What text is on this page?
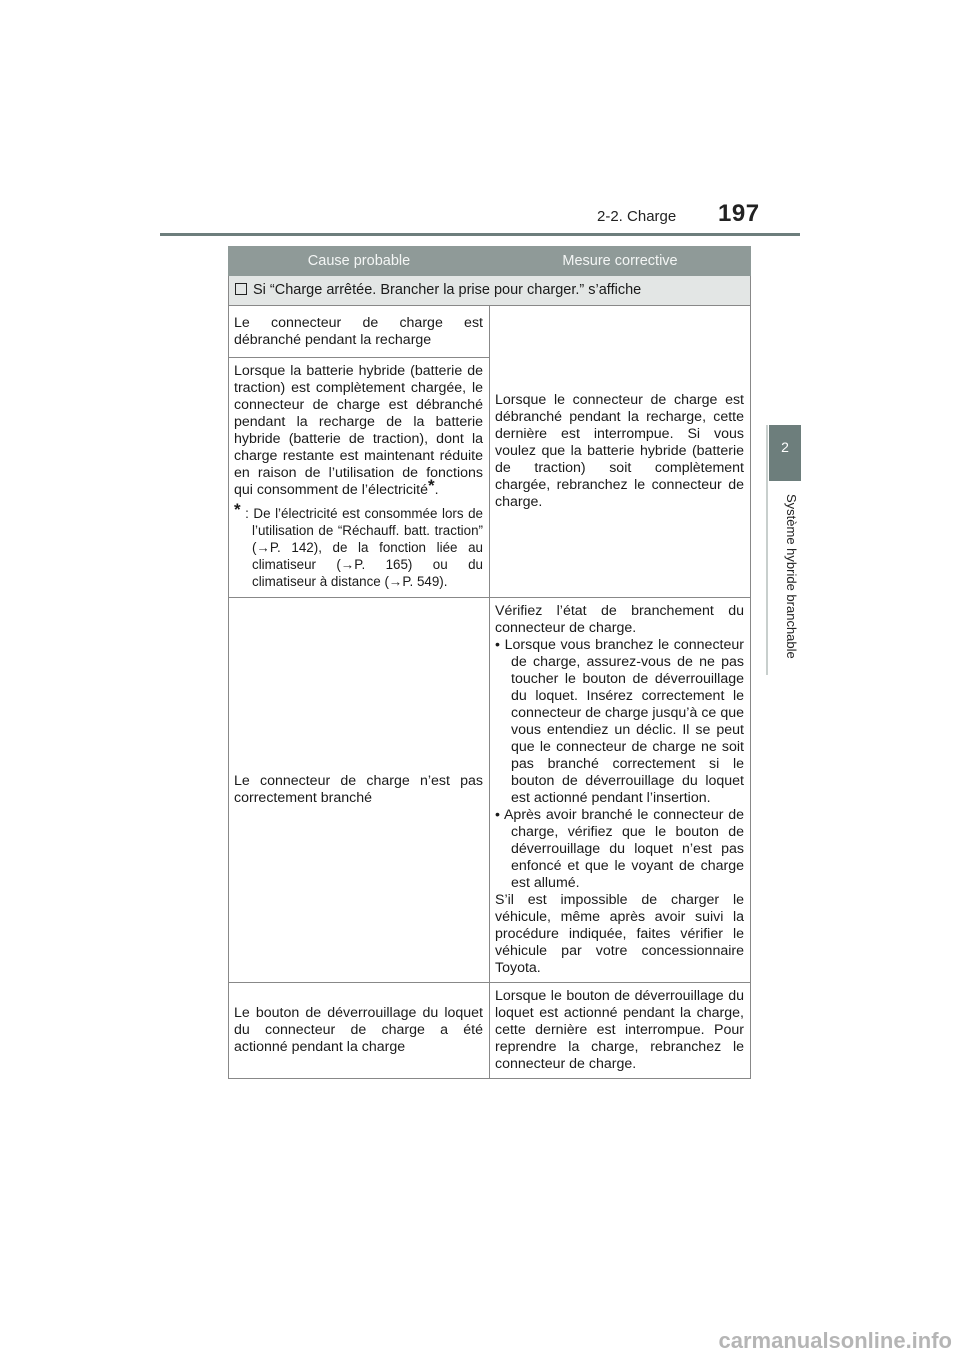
2-2. Charge 197
2
Système hybride branchable
Cause probable	Mesure corrective
Si “Charge arrêtée. Brancher la prise pour charger.” s’affiche	
Le connecteur de charge est débranché pendant la recharge	Lorsque le connecteur de charge est débranché pendant la recharge, cette dernière est interrompue. Si vous voulez que la batterie hybride (batterie de traction) soit complètement chargée, rebranchez le connecteur de charge.

Lorsque la batterie hybride (batterie de traction) est complètement chargée, le connecteur de charge est débranché pendant la recharge de la batterie hybride (batterie de traction), dont la charge restante est maintenant réduite en raison de l’utilisation de fonctions qui consomment de l’électricité*.

* : De l’électricité est consommée lors de l’utilisation de “Réchauff. batt. traction” (→P. 142), de la fonction liée au climatiseur (→P. 165) ou du climatiseur à distance (→P. 549).	

Le connecteur de charge n’est pas correctement branché	Vérifiez l’état de branchement du connecteur de charge.

• Lorsque vous branchez le connecteur de charge, assurez-vous de ne pas toucher le bouton de déverrouillage du loquet. Insérez correctement le connecteur de charge jusqu’à ce que vous entendiez un déclic. Il se peut que le connecteur de charge ne soit pas branché correctement si le bouton de déverrouillage du loquet est actionné pendant l’insertion.

• Après avoir branché le connecteur de charge, vérifiez que le bouton de déverrouillage du loquet n’est pas enfoncé et que le voyant de charge est allumé.

S’il est impossible de charger le véhicule, même après avoir suivi la procédure indiquée, faites vérifier le véhicule par votre concessionnaire Toyota.

Le bouton de déverrouillage du loquet du connecteur de charge a été actionné pendant la charge	Lorsque le bouton de déverrouillage du loquet est actionné pendant la charge, cette dernière est interrompue. Pour reprendre la charge, rebranchez le connecteur de charge.
carmanualsonline.info
